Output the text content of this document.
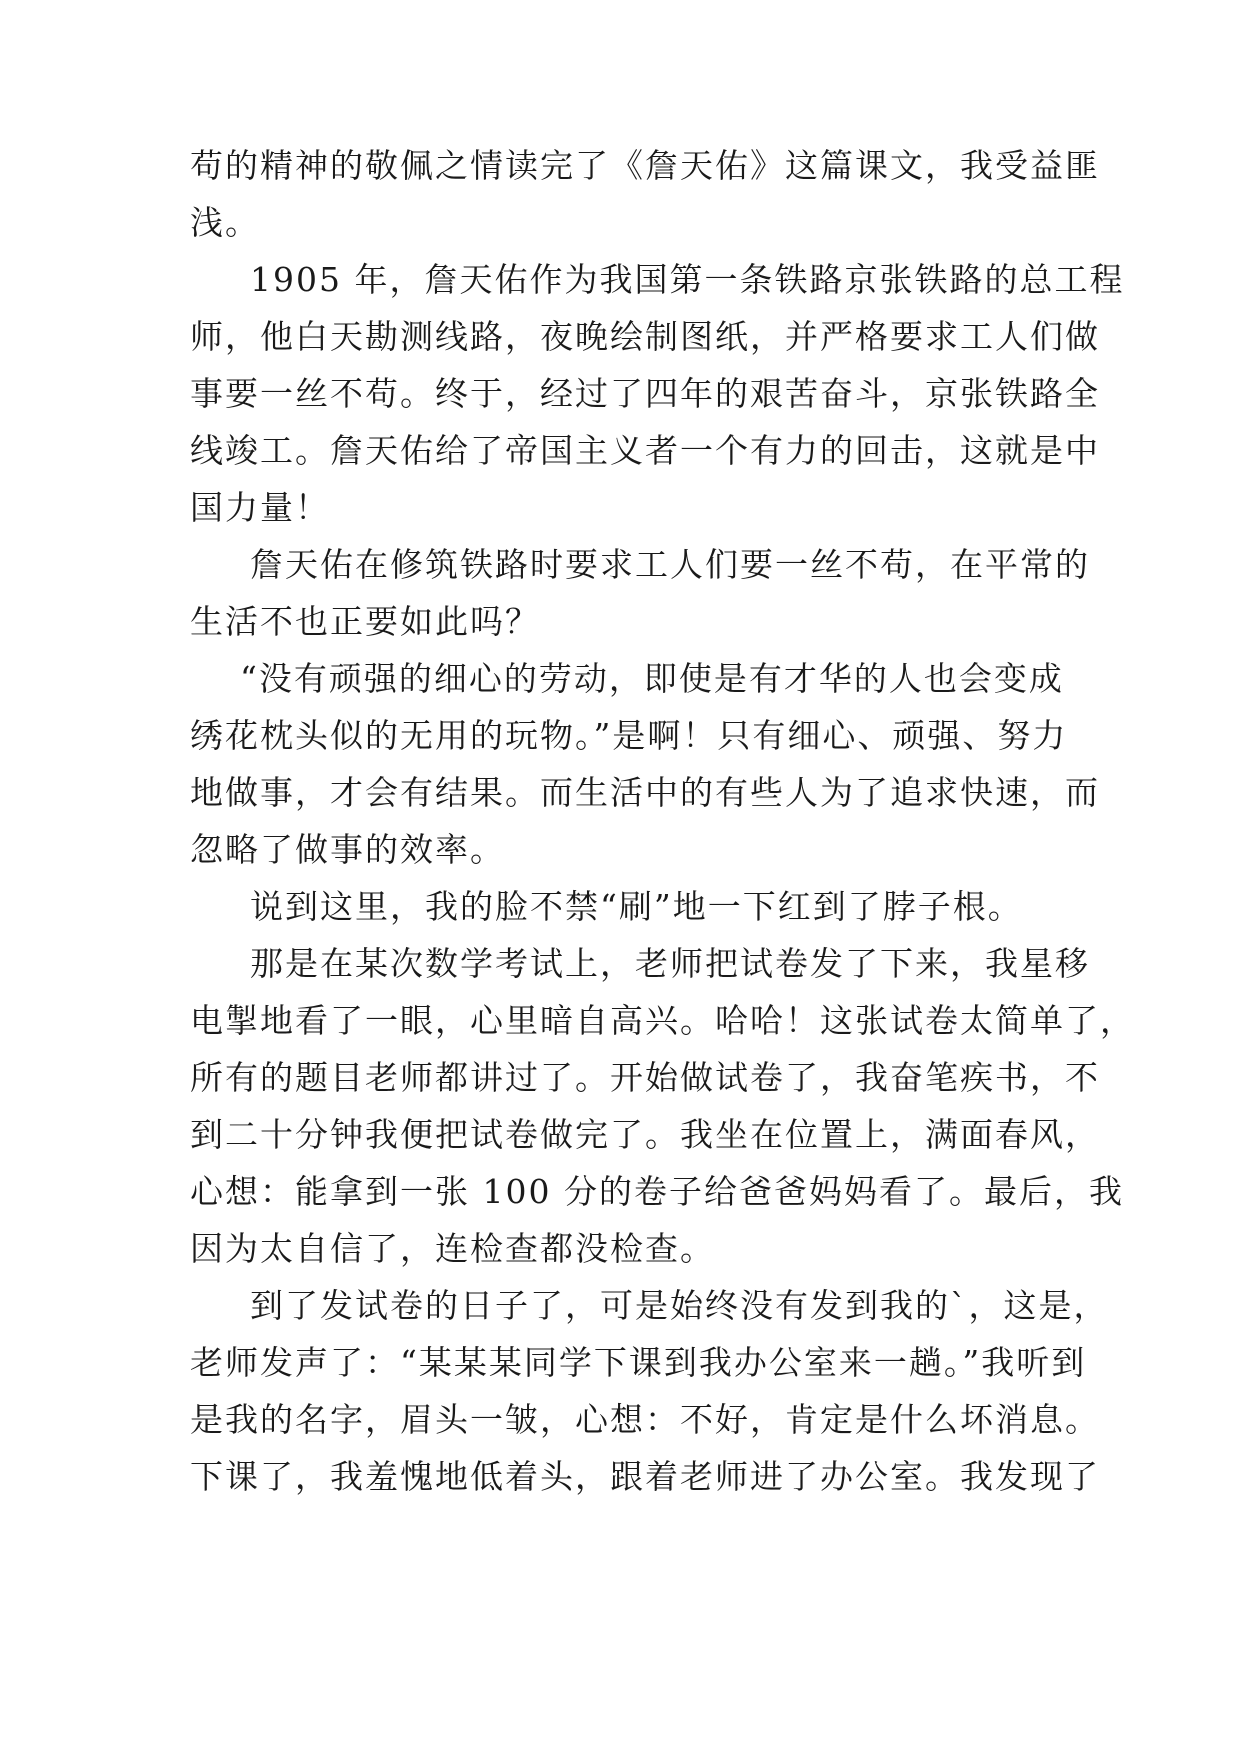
苟的精神的敬佩之情读完了《詹天佑》这篇课文，我受益匪
浅。
1905 年，詹天佑作为我国第一条铁路京张铁路的总工程
师，他白天勘测线路，夜晚绘制图纸，并严格要求工人们做
事要一丝不苟。终于，经过了四年的艰苦奋斗，京张铁路全
线竣工。詹天佑给了帝国主义者一个有力的回击，这就是中
国力量！
詹天佑在修筑铁路时要求工人们要一丝不苟，在平常的
生活不也正要如此吗？
“没有顽强的细心的劳动，即使是有才华的人也会变成
绣花枕头似的无用的玩物。”是啊！只有细心、顽强、努力
地做事，才会有结果。而生活中的有些人为了追求快速，而
忽略了做事的效率。
说到这里，我的脸不禁“刷”地一下红到了脖子根。
那是在某次数学考试上，老师把试卷发了下来，我星移
电掣地看了一眼，心里暗自高兴。哈哈！这张试卷太简单了，
所有的题目老师都讲过了。开始做试卷了，我奋笔疾书，不
到二十分钟我便把试卷做完了。我坐在位置上，满面春风，
心想：能拿到一张 100 分的卷子给爸爸妈妈看了。最后，我
因为太自信了，连检查都没检查。
到了发试卷的日子了，可是始终没有发到我的`，这是，
老师发声了：“某某某同学下课到我办公室来一趟。”我听到
是我的名字，眉头一皱，心想：不好，肯定是什么坏消息。
下课了，我羞愧地低着头，跟着老师进了办公室。我发现了
